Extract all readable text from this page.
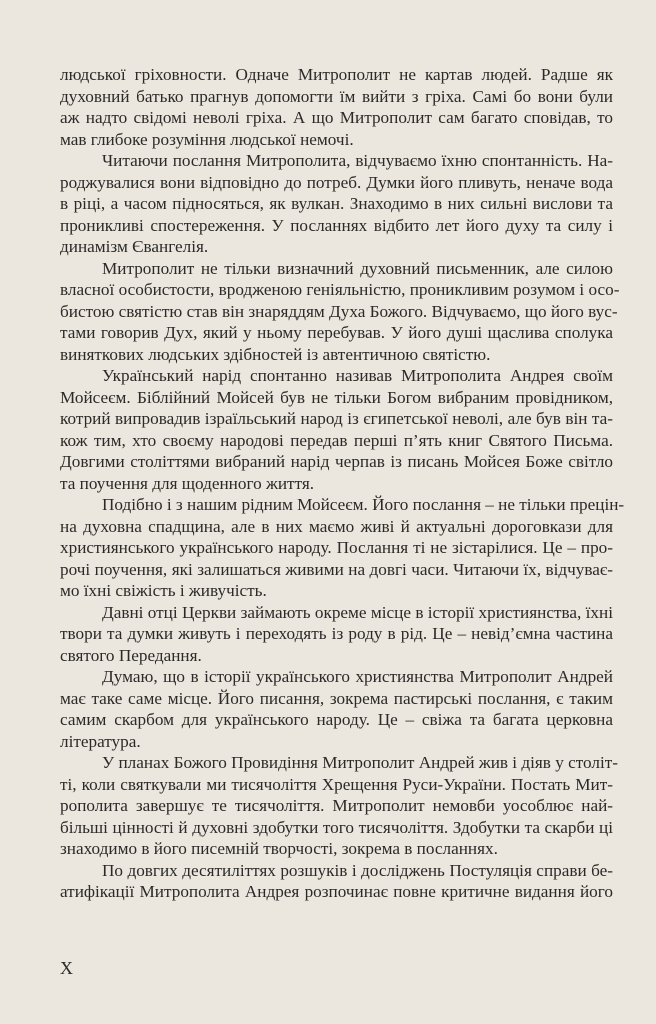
людської гріховности. Одначе Митрополит не картав людей. Радше як
духовний батько прагнув допомогти їм вийти з гріха. Самі бо вони були
аж надто свідомі неволі гріха. А що Митрополит сам багато сповідав, то
мав глибоке розуміння людської немочі.
Читаючи послання Митрополита, відчуваємо їхню спонтанність. На-
роджувалися вони відповідно до потреб. Думки його пливуть, неначе вода
в ріці, а часом підносяться, як вулкан. Знаходимо в них сильні вислови та
проникливі спостереження. У посланнях відбито лет його духу та силу і
динамізм Євангелія.
Митрополит не тільки визначний духовний письменник, але силою
власної особистости, вродженою геніяльністю, проникливим розумом і осо-
бистою святістю став він знаряддям Духа Божого. Відчуваємо, що його вус-
тами говорив Дух, який у ньому перебував. У його душі щаслива сполука
виняткових людських здібностей із автентичною святістю.
Український нарід спонтанно називав Митрополита Андрея своїм
Мойсеєм. Біблійний Мойсей був не тільки Богом вибраним провідником,
котрий випровадив ізраїльський народ із єгипетської неволі, але був він та-
кож тим, хто своєму народові передав перші п’ять книг Святого Письма.
Довгими століттями вибраний нарід черпав із писань Мойсея Боже світло
та поучення для щоденного життя.
Подібно і з нашим рідним Мойсеєм. Його послання – не тільки прецін-
на духовна спадщина, але в них маємо живі й актуальні дороговкази для
християнського українського народу. Послання ті не зістарілися. Це – про-
рочі поучення, які залишаться живими на довгі часи. Читаючи їх, відчуває-
мо їхні свіжість і живучість.
Давні отці Церкви займають окреме місце в історії християнства, їхні
твори та думки живуть і переходять із роду в рід. Це – невід’ємна частина
святого Передання.
Думаю, що в історії українського християнства Митрополит Андрей
має таке саме місце. Його писання, зокрема пастирські послання, є таким
самим скарбом для українського народу. Це – свіжа та багата церковна
література.
У планах Божого Провидіння Митрополит Андрей жив і діяв у століт-
ті, коли святкували ми тисячоліття Хрещення Руси-України. Постать Мит-
рополита завершує те тисячоліття. Митрополит немовби уособлює най-
більші цінності й духовні здобутки того тисячоліття. Здобутки та скарби ці
знаходимо в його писемній творчості, зокрема в посланнях.
По довгих десятиліттях розшуків і досліджень Постуляція справи бе-
атифікації Митрополита Андрея розпочинає повне критичне видання його
X
